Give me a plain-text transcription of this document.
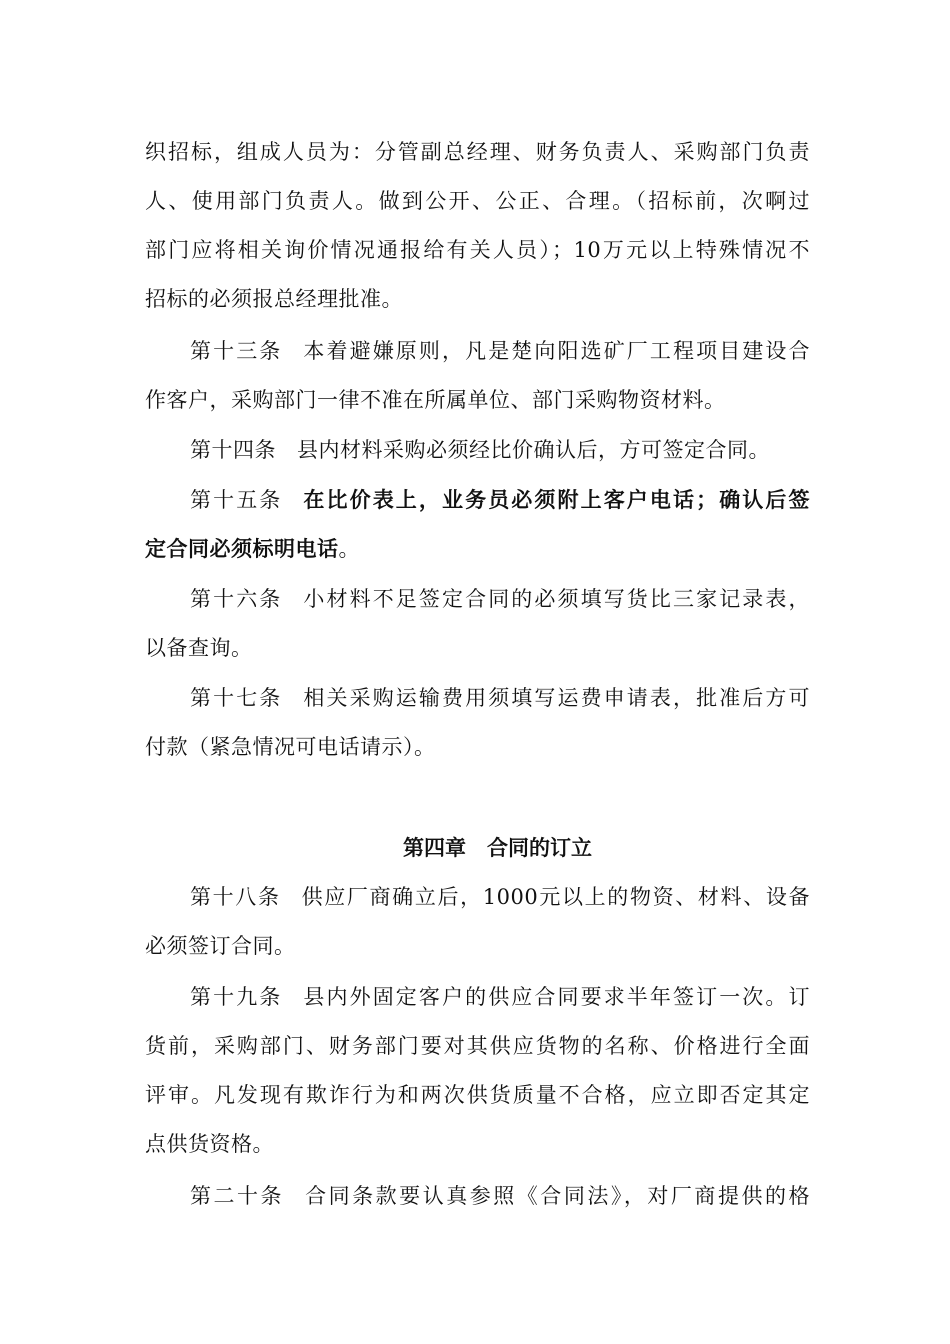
织招标，组成人员为：分管副总经理、财务负责人、采购部门负责
人、使用部门负责人。做到公开、公正、合理。（招标前，次啊过
部门应将相关询价情况通报给有关人员）；10万元以上特殊情况不
招标的必须报总经理批准。
第十三条 本着避嫌原则，凡是楚向阳选矿厂工程项目建设合
作客户，采购部门一律不准在所属单位、部门采购物资材料。
第十四条 县内材料采购必须经比价确认后，方可签定合同。
第十五条 在比价表上，业务员必须附上客户电话；确认后签
定合同必须标明电话。
第十六条 小材料不足签定合同的必须填写货比三家记录表，
以备查询。
第十七条 相关采购运输费用须填写运费申请表，批准后方可
付款（紧急情况可电话请示）。
第四章　合同的订立
第十八条 供应厂商确立后，1000元以上的物资、材料、设备
必须签订合同。
第十九条 县内外固定客户的供应合同要求半年签订一次。订
货前，采购部门、财务部门要对其供应货物的名称、价格进行全面
评审。凡发现有欺诈行为和两次供货质量不合格，应立即否定其定
点供货资格。
第二十条 合同条款要认真参照《合同法》，对厂商提供的格
